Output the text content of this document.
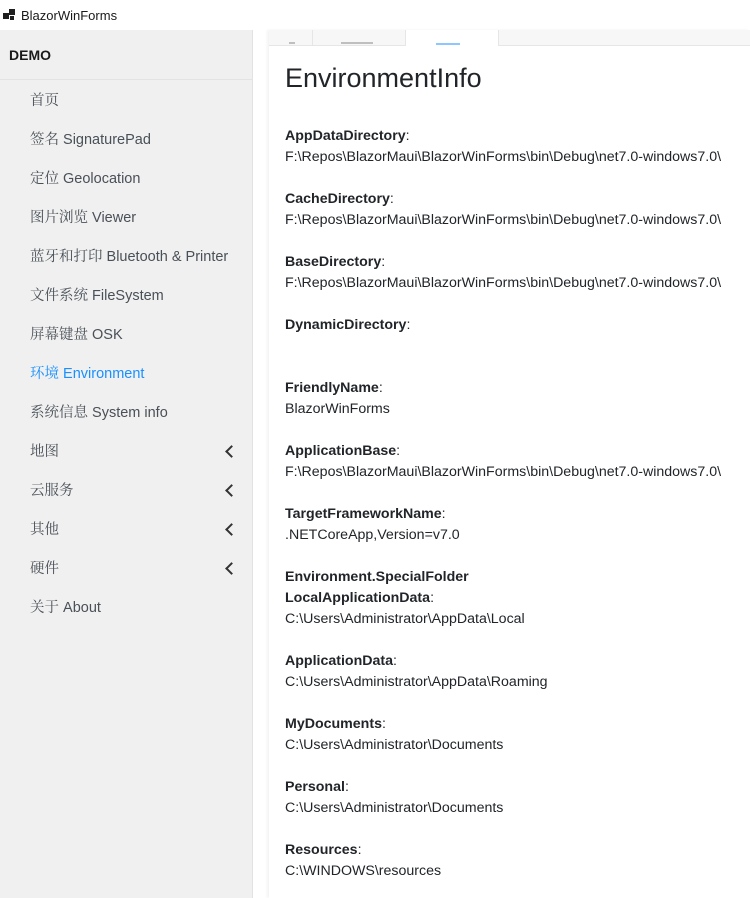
BlazorWinForms
DEMO
首页
签名 SignaturePad
定位 Geolocation
图片浏览 Viewer
蓝牙和打印 Bluetooth & Printer
文件系统 FileSystem
屏幕键盘 OSK
环境 Environment
系统信息 System info
地图
云服务
其他
硬件
关于 About
EnvironmentInfo
AppDataDirectory:
F:\Repos\BlazorMaui\BlazorWinForms\bin\Debug\net7.0-windows7.0\
CacheDirectory:
F:\Repos\BlazorMaui\BlazorWinForms\bin\Debug\net7.0-windows7.0\
BaseDirectory:
F:\Repos\BlazorMaui\BlazorWinForms\bin\Debug\net7.0-windows7.0\
DynamicDirectory:
FriendlyName:
BlazorWinForms
ApplicationBase:
F:\Repos\BlazorMaui\BlazorWinForms\bin\Debug\net7.0-windows7.0\
TargetFrameworkName:
.NETCoreApp,Version=v7.0
Environment.SpecialFolder
LocalApplicationData:
C:\Users\Administrator\AppData\Local
ApplicationData:
C:\Users\Administrator\AppData\Roaming
MyDocuments:
C:\Users\Administrator\Documents
Personal:
C:\Users\Administrator\Documents
Resources:
C:\WINDOWS\resources
